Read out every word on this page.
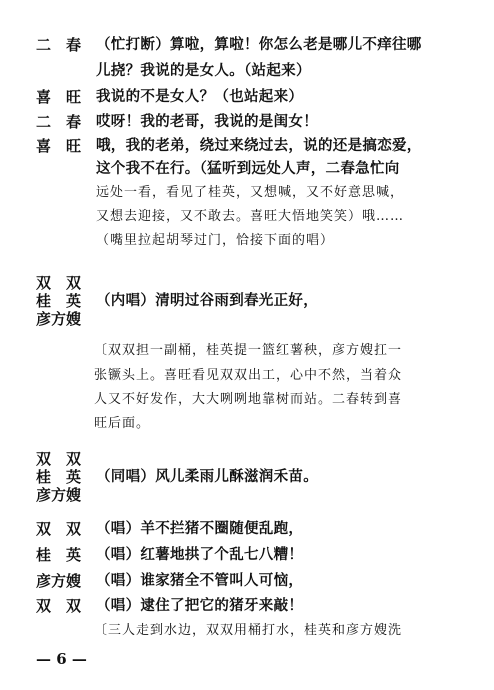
二　春 （忙打断）算啦，算啦！你怎么老是哪儿不痒往哪
儿挠？我说的是女人。（站起来）
喜　旺 我说的不是女人？（也站起来）
二　春 哎呀！我的老哥，我说的是闺女！
喜　旺 哦，我的老弟，绕过来绕过去，说的还是搞恋爱，
这个我不在行。（猛听到远处人声，二春急忙向
远处一看，看见了桂英，又想喊，又不好意思喊，
又想去迎接，又不敢去。喜旺大悟地笑笑）哦……
（嘴里拉起胡琴过门，恰接下面的唱）
双　双
桂　英 （内唱）清明过谷雨到春光正好，
彦方嫂
〔双双担一副桶，桂英提一篮红薯秧，彦方嫂扛一
张镢头上。喜旺看见双双出工，心中不然，当着众
人又不好发作，大大咧咧地靠树而站。二春转到喜
旺后面。
双　双
桂　英 （同唱）风儿柔雨儿酥滋润禾苗。
彦方嫂
双　双 （唱）羊不拦猪不圈随便乱跑，
桂　英 （唱）红薯地拱了个乱七八糟！
彦方嫂 （唱）谁家猪全不管叫人可恼，
双　双 （唱）逮住了把它的猪牙来敲！
〔三人走到水边，双双用桶打水，桂英和彦方嫂洗
— 6 —
